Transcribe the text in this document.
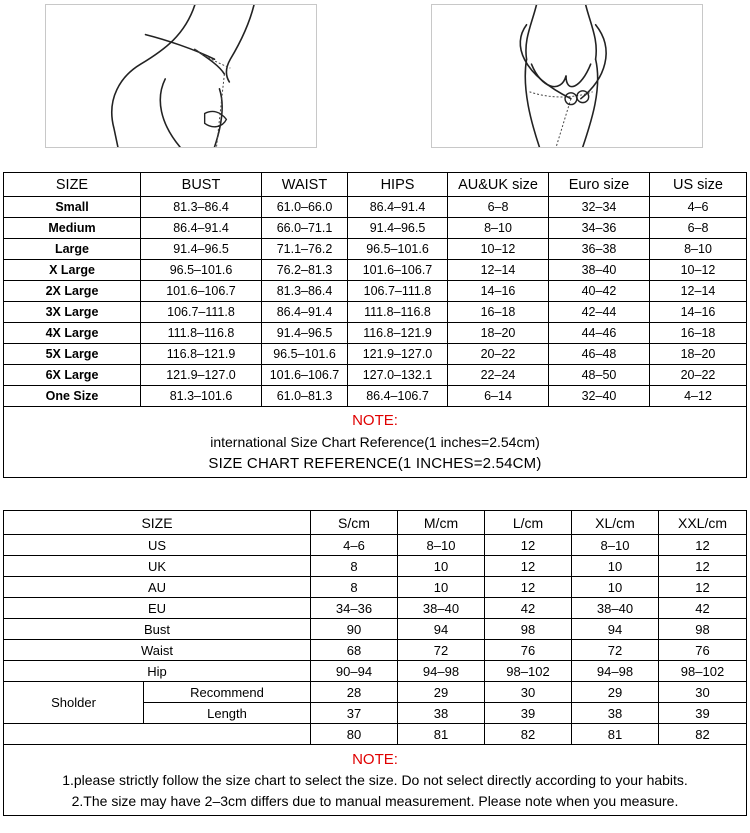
SIZE	BUST	WAIST	HIPS	AU&UK size	Euro size	US size
Small	81.3–86.4	61.0–66.0	86.4–91.4	6–8	32–34	4–6
Medium	86.4–91.4	66.0–71.1	91.4–96.5	8–10	34–36	6–8
Large	91.4–96.5	71.1–76.2	96.5–101.6	10–12	36–38	8–10
X Large	96.5–101.6	76.2–81.3	101.6–106.7	12–14	38–40	10–12
2X Large	101.6–106.7	81.3–86.4	106.7–111.8	14–16	40–42	12–14
3X Large	106.7–111.8	86.4–91.4	111.8–116.8	16–18	42–44	14–16
4X Large	111.8–116.8	91.4–96.5	116.8–121.9	18–20	44–46	16–18
5X Large	116.8–121.9	96.5–101.6	121.9–127.0	20–22	46–48	18–20
6X Large	121.9–127.0	101.6–106.7	127.0–132.1	22–24	48–50	20–22
One Size	81.3–101.6	61.0–81.3	86.4–106.7	6–14	32–40	4–12

NOTE:
international Size Chart Reference(1 inches=2.54cm)
SIZE CHART REFERENCE(1 INCHES=2.54CM)						
SIZE		S/cm	M/cm	L/cm	XL/cm	XXL/cm
US		4–6	8–10	12	8–10	12
UK		8	10	12	10	12
AU		8	10	12	10	12
EU		34–36	38–40	42	38–40	42
Bust		90	94	98	94	98
Waist		68	72	76	72	76
Hip		90–94	94–98	98–102	94–98	98–102
Sholder	Recommend	28	29	30	29	30
	Length	37	38	39	38	39
		80	81	82	81	82

NOTE:
1.please strictly follow the size chart to select the size. Do not select directly according to your habits.
2.The size may have 2–3cm differs due to manual measurement. Please note when you measure.						
